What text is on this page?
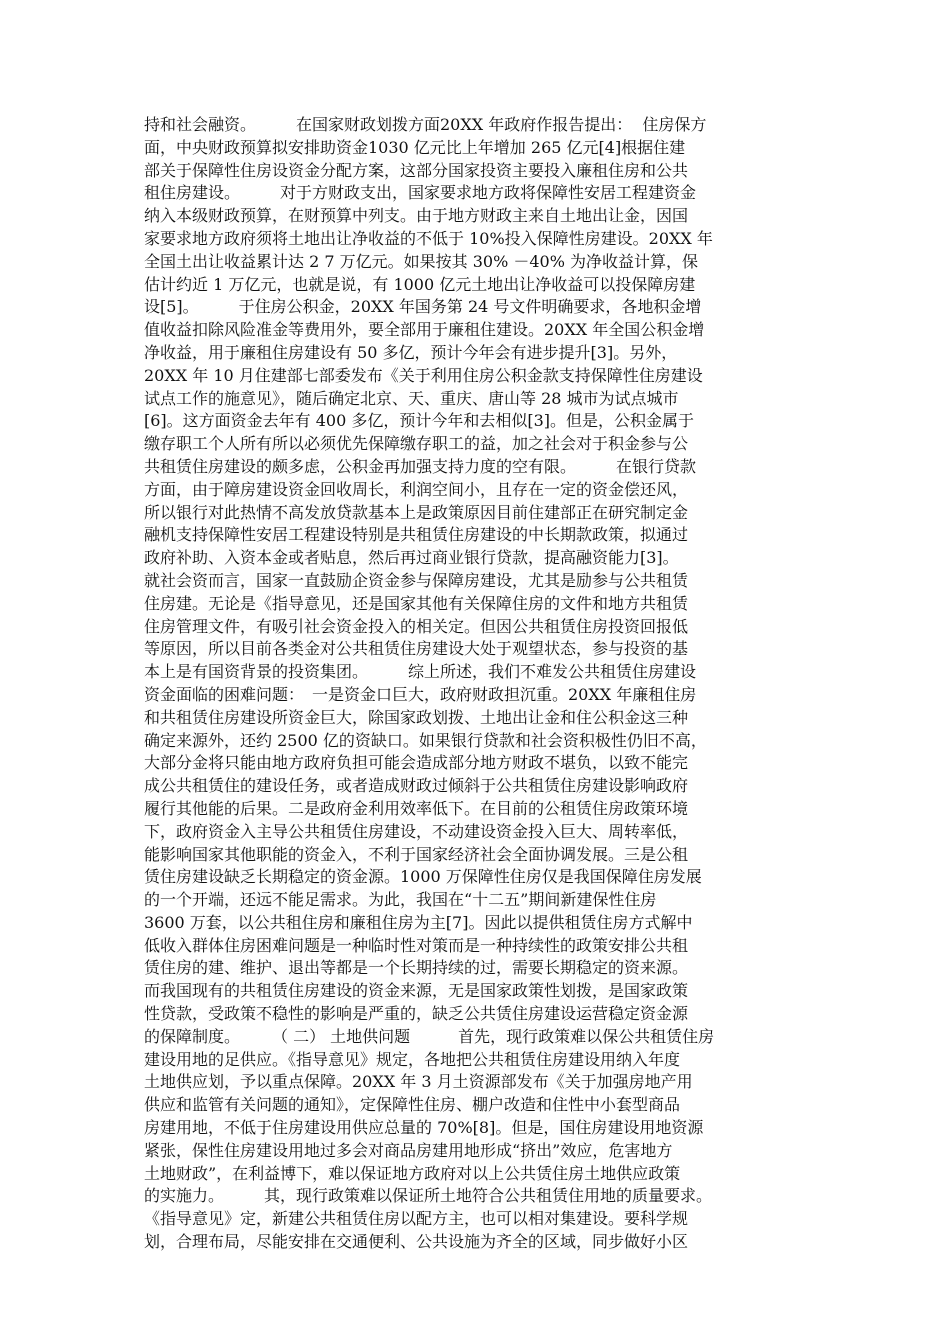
持和社会融资。　　　在国家财政划拨方面20XX 年政府作报告提出：  住房保方
面，中央财政预算拟安排助资金1030 亿元比上年增加 265 亿元[4]根据住建
部关于保障性住房设资金分配方案，这部分国家投资主要投入廉租住房和公共
租住房建设。　　　对于方财政支出，国家要求地方政将保障性安居工程建资金
纳入本级财政预算，在财预算中列支。由于地方财政主来自土地出让金，因国
家要求地方政府须将土地出让净收益的不低于 10%投入保障性房建设。20XX 年
全国土出让收益累计达 2 7 万亿元。如果按其 30% －40% 为净收益计算，保
估计约近 1 万亿元，也就是说，有 1000 亿元土地出让净收益可以投保障房建
设[5]。　　　于住房公积金，20XX 年国务第 24 号文件明确要求，各地积金增
值收益扣除风险准金等费用外，要全部用于廉租住建设。20XX 年全国公积金增
净收益，用于廉租住房建设有 50 多亿，预计今年会有进步提升[3]。另外，
20XX 年 10 月住建部七部委发布《关于利用住房公积金款支持保障性住房建设
试点工作的施意见》，随后确定北京、天、重庆、唐山等 28 城市为试点城市
[6]。这方面资金去年有 400 多亿，预计今年和去相似[3]。但是，公积金属于
缴存职工个人所有所以必须优先保障缴存职工的益，加之社会对于积金参与公
共租赁住房建设的颇多虑，公积金再加强支持力度的空有限。　　　在银行贷款
方面，由于障房建设资金回收周长，利润空间小，且存在一定的资金偿还风，
所以银行对此热情不高发放贷款基本上是政策原因目前住建部正在研究制定金
融机支持保障性安居工程建设特别是共租赁住房建设的中长期款政策，拟通过
政府补助、入资本金或者贴息，然后再过商业银行贷款，提高融资能力[3]。　　
就社会资而言，国家一直鼓励企资金参与保障房建设，尤其是励参与公共租赁
住房建。无论是《指导意见，还是国家其他有关保障住房的文件和地方共租赁
住房管理文件，有吸引社会资金投入的相关定。但因公共租赁住房投资回报低
等原因，所以目前各类金对公共租赁住房建设大处于观望状态，参与投资的基
本上是有国资背景的投资集团。　　　综上所述，我们不难发公共租赁住房建设
资金面临的困难问题：　一是资金口巨大，政府财政担沉重。20XX 年廉租住房
和共租赁住房建设所资金巨大，除国家政划拨、土地出让金和住公积金这三种
确定来源外，还约 2500 亿的资缺口。如果银行贷款和社会资积极性仍旧不高，
大部分金将只能由地方政府负担可能会造成部分地方财政不堪负，以致不能完
成公共租赁住的建设任务，或者造成财政过倾斜于公共租赁住房建设影响政府
履行其他能的后果。二是政府金利用效率低下。在目前的公租赁住房政策环境
下，政府资金入主导公共租赁住房建设，不动建设资金投入巨大、周转率低，
能影响国家其他职能的资金入，不利于国家经济社会全面协调发展。三是公租
赁住房建设缺乏长期稳定的资金源。1000 万保障性住房仅是我国保障住房发展
的一个开端，还远不能足需求。为此，我国在“十二五”期间新建保性住房
3600 万套，以公共租住房和廉租住房为主[7]。因此以提供租赁住房方式解中
低收入群体住房困难问题是一种临时性对策而是一种持续性的政策安排公共租
赁住房的建、维护、退出等都是一个长期持续的过，需要长期稳定的资来源。
而我国现有的共租赁住房建设的资金来源，无是国家政策性划拨，是国家政策
性贷款，受政策不稳性的影响是严重的，缺乏公共赁住房建设运营稳定资金源
的保障制度。　　　（ 二） 土地供问题　　　首先，现行政策难以保公共租赁住房
建设用地的足供应。《指导意见》规定，各地把公共租赁住房建设用纳入年度
土地供应划，予以重点保障。20XX 年 3 月土资源部发布《关于加强房地产用
供应和监管有关问题的通知》，定保障性住房、棚户改造和住性中小套型商品
房建用地，不低于住房建设用供应总量的 70%[8]。但是，国住房建设用地资源
紧张，保性住房建设用地过多会对商品房建用地形成“挤出”效应，危害地方
土地财政”，在利益博下，难以保证地方政府对以上公共赁住房土地供应政策
的实施力。　　　其，现行政策难以保证所土地符合公共租赁住用地的质量要求。
《指导意见》定，新建公共租赁住房以配方主，也可以相对集建设。要科学规
划，合理布局，尽能安排在交通便利、公共设施为齐全的区域，同步做好小区
